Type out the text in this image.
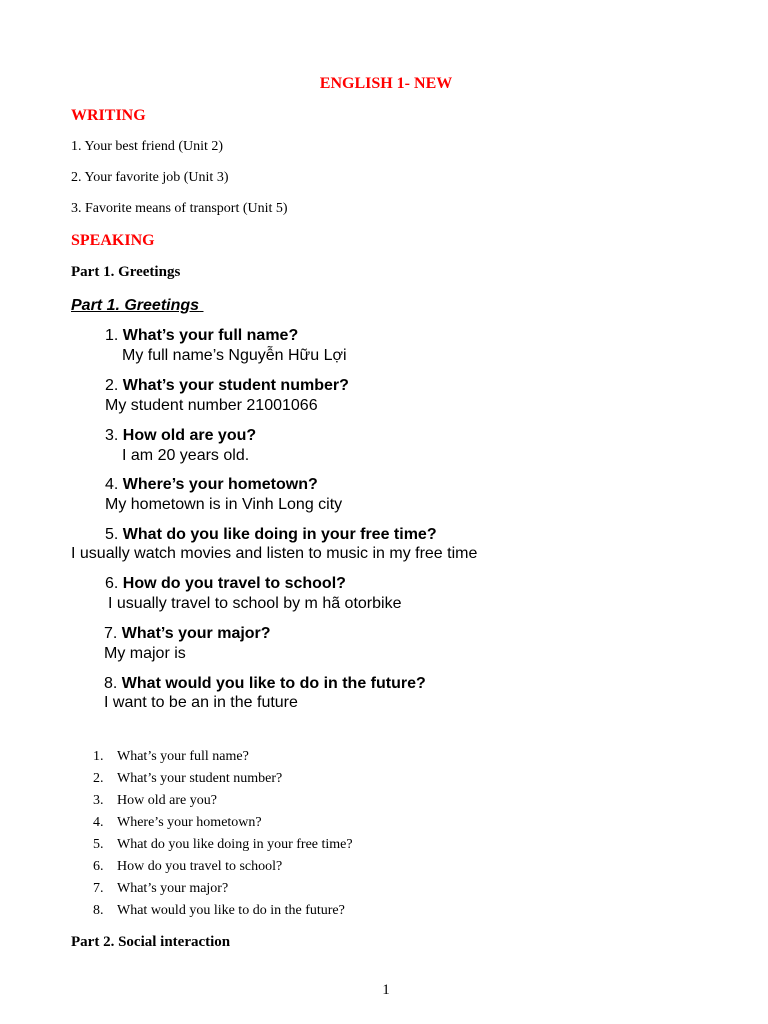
ENGLISH 1- NEW
WRITING
1. Your best friend (Unit 2)
2. Your favorite job (Unit 3)
3. Favorite means of transport (Unit 5)
SPEAKING
Part 1. Greetings
Part 1. Greetings
1. What’s your full name?
My full name’s Nguyễn Hữu Lợi
2. What’s your student number?
My student number 21001066
3. How old are you?
I am 20 years old.
4. Where’s your hometown?
My hometown is in Vinh Long city
5. What do you like doing in your free time?
I usually watch movies and listen to music in my free time
6. How do you travel to school?
I usually travel to school by m hã otorbike
7. What’s your major?
My major is
8. What would you like to do in the future?
I want to be an in the future
1. What’s your full name?
2. What’s your student number?
3. How old are you?
4. Where’s your hometown?
5. What do you like doing in your free time?
6. How do you travel to school?
7. What’s your major?
8. What would you like to do in the future?
Part 2. Social interaction
1
